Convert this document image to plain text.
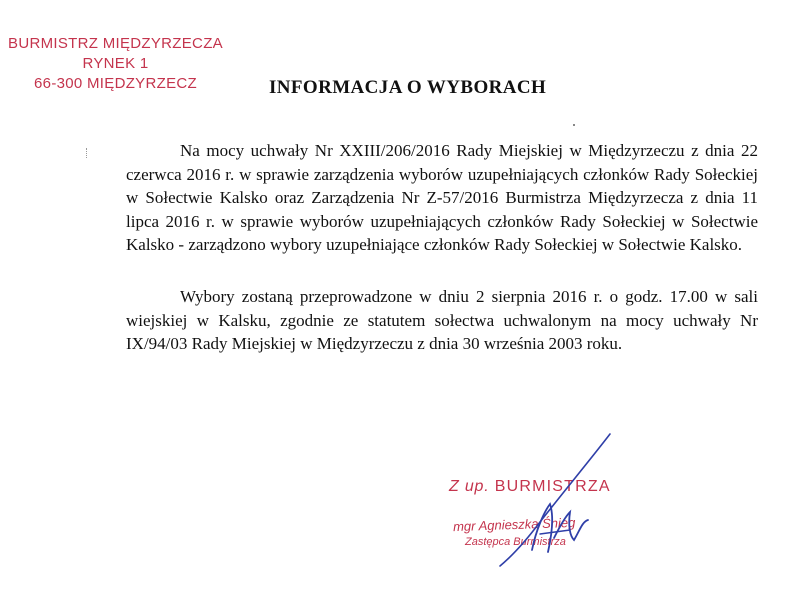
BURMISTRZ MIĘDZYRZECZA
RYNEK 1
66-300 MIĘDZYRZECZ	INFORMACJA O WYBORACH

Na mocy uchwały Nr XXIII/206/2016 Rady Miejskiej w Międzyrzeczu z dnia 22 czerwca 2016 r. w sprawie zarządzenia wyborów uzupełniających członków Rady Sołeckiej w Sołectwie Kalsko oraz Zarządzenia Nr Z-57/2016 Burmistrza Międzyrzecza z dnia 11 lipca 2016 r. w sprawie wyborów uzupełniających członków Rady Sołeckiej w Sołectwie Kalsko - zarządzono wybory uzupełniające członków Rady Sołeckiej w Sołectwie Kalsko.

Wybory zostaną przeprowadzone w dniu 2 sierpnia 2016 r. o godz. 17.00 w sali wiejskiej w Kalsku, zgodnie ze statutem sołectwa uchwalonym na mocy uchwały Nr IX/94/03 Rady Miejskiej w Międzyrzeczu z dnia 30 września 2003 roku.

Z up. BURMISTRZA
mgr Agnieszka Śnieg
Zastępca Burmistrza
